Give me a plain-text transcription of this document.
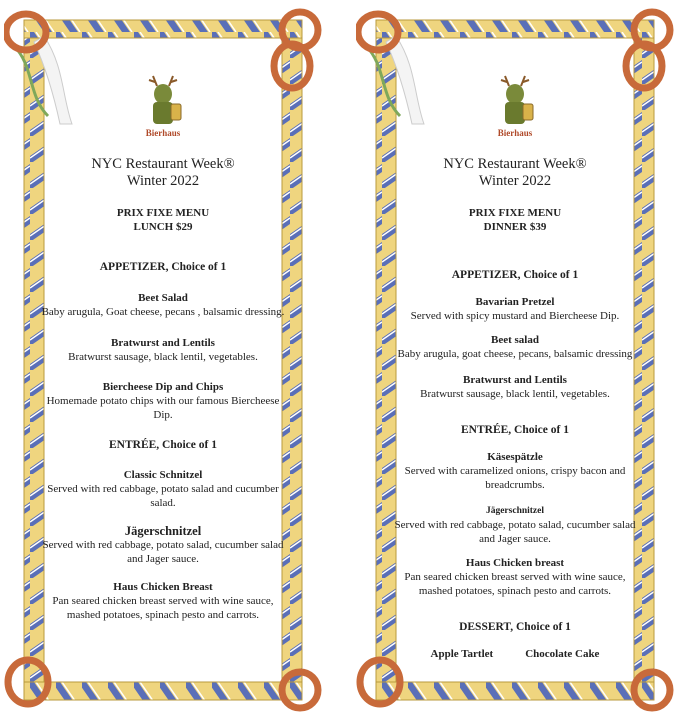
Bierhaus
NYC Restaurant Week®
Winter 2022
PRIX FIXE MENU
LUNCH $29
APPETIZER, Choice of 1
Beet Salad
Baby arugula, Goat cheese, pecans , balsamic dressing.
Bratwurst and Lentils
Bratwurst sausage, black lentil, vegetables.
Biercheese Dip and Chips
Homemade potato chips with our famous Biercheese Dip.
ENTRÉE, Choice of 1
Classic Schnitzel
Served with red cabbage, potato salad and cucumber salad.
Jägerschnitzel
Served with red cabbage, potato salad, cucumber salad and Jager sauce.
Haus Chicken Breast
Pan seared chicken breast served with wine sauce, mashed potatoes, spinach pesto and carrots.
Bierhaus
NYC Restaurant Week®
Winter 2022
PRIX FIXE MENU
DINNER $39
APPETIZER, Choice of 1
Bavarian Pretzel
Served with spicy mustard and Biercheese Dip.
Beet salad
Baby arugula, goat cheese, pecans, balsamic dressing
Bratwurst and Lentils
Bratwurst sausage, black lentil, vegetables.
ENTRÉE, Choice of 1
Käsespätzle
Served with caramelized onions, crispy bacon and breadcrumbs.
Jägerschnitzel
Served with red cabbage, potato salad, cucumber salad and Jager sauce.
Haus Chicken breast
Pan seared chicken breast served with wine sauce, mashed potatoes, spinach pesto and carrots.
DESSERT, Choice of 1
Apple Tartlet	Chocolate Cake
